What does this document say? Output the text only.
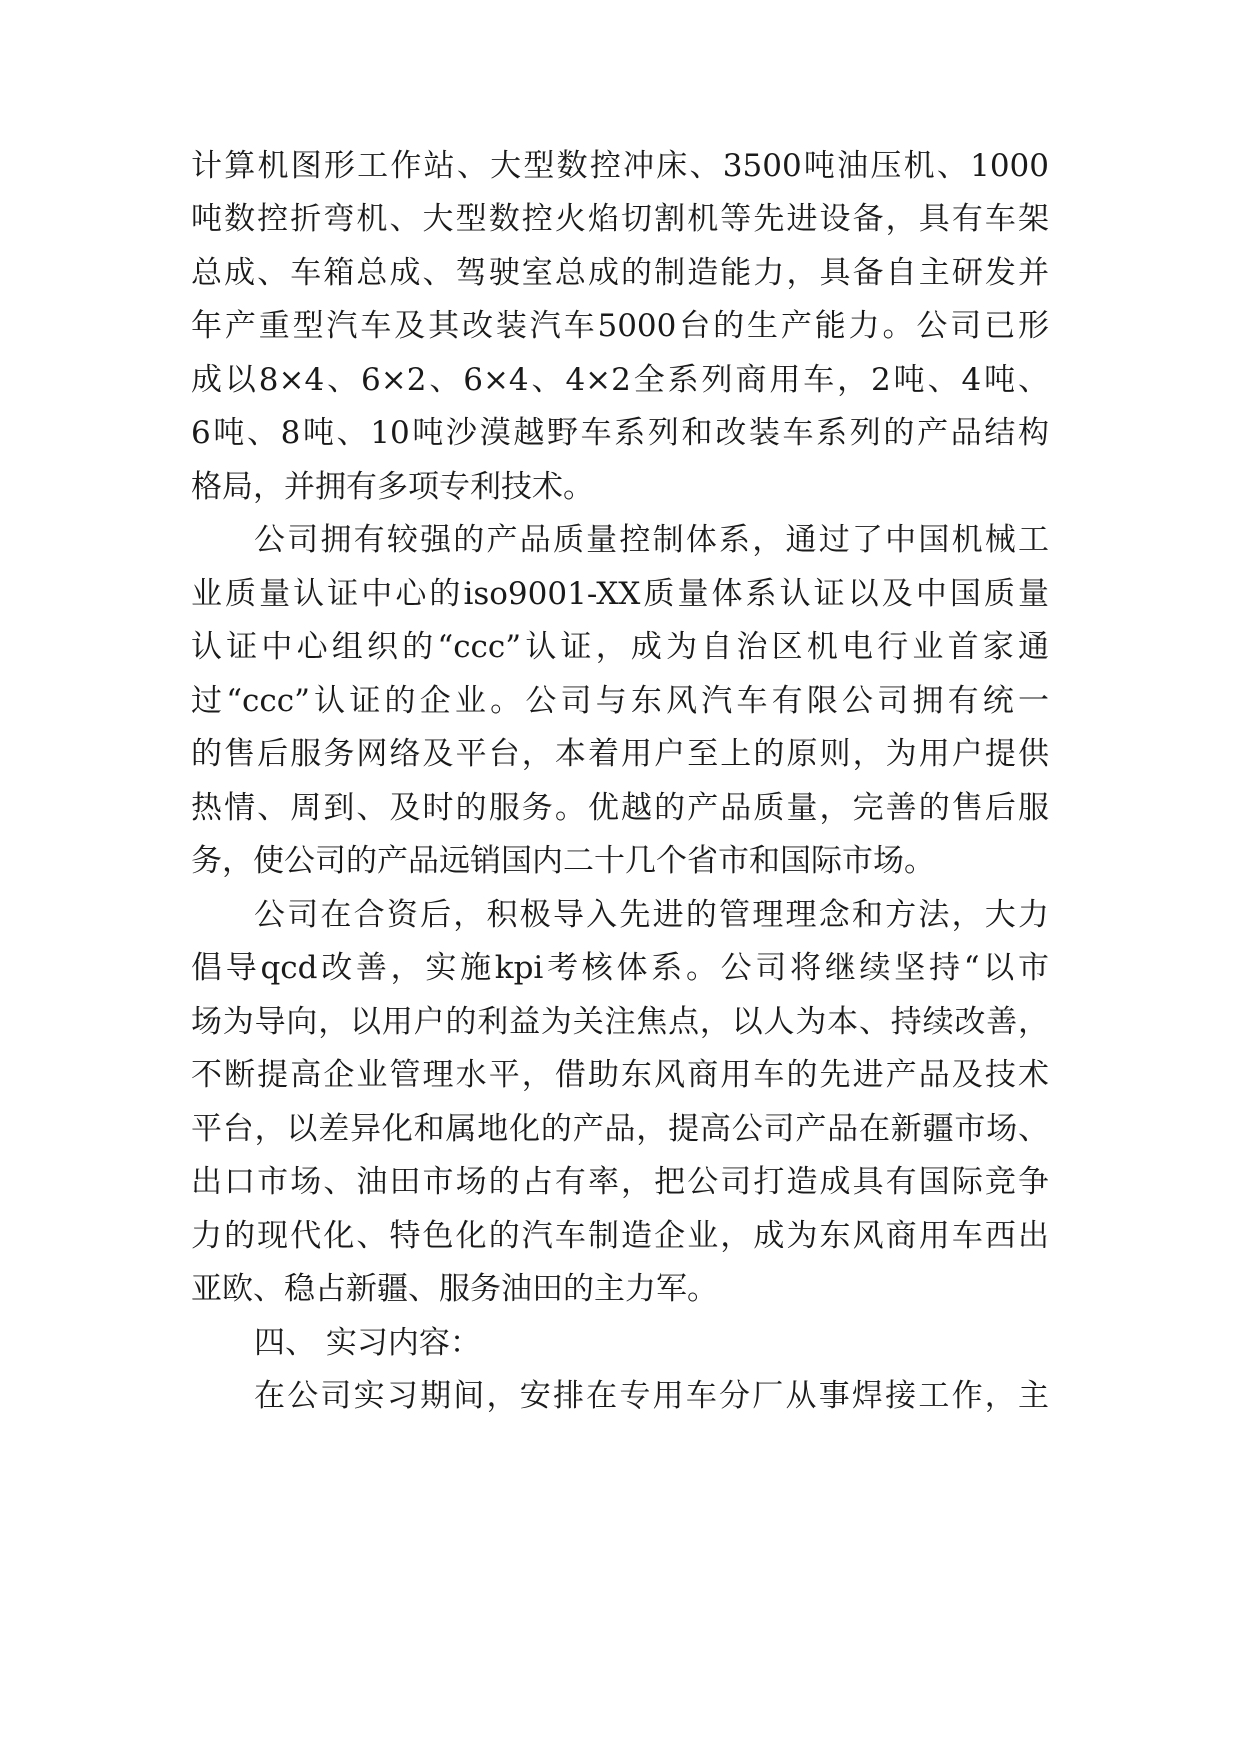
计算机图形工作站、大型数控冲床、3500吨油压机、1000
吨数控折弯机、大型数控火焰切割机等先进设备，具有车架
总成、车箱总成、驾驶室总成的制造能力，具备自主研发并
年产重型汽车及其改装汽车5000台的生产能力。公司已形
成以8×4、6×2、6×4、4×2全系列商用车，2吨、4吨、
6吨、8吨、10吨沙漠越野车系列和改装车系列的产品结构
格局，并拥有多项专利技术。
公司拥有较强的产品质量控制体系，通过了中国机械工
业质量认证中心的iso9001-XX质量体系认证以及中国质量
认证中心组织的“ccc”认证，成为自治区机电行业首家通
过“ccc”认证的企业。公司与东风汽车有限公司拥有统一
的售后服务网络及平台，本着用户至上的原则，为用户提供
热情、周到、及时的服务。优越的产品质量，完善的售后服
务，使公司的产品远销国内二十几个省市和国际市场。
公司在合资后，积极导入先进的管理理念和方法，大力
倡导qcd改善，实施kpi考核体系。公司将继续坚持“以市
场为导向，以用户的利益为关注焦点，以人为本、持续改善，
不断提高企业管理水平，借助东风商用车的先进产品及技术
平台，以差异化和属地化的产品，提高公司产品在新疆市场、
出口市场、油田市场的占有率，把公司打造成具有国际竞争
力的现代化、特色化的汽车制造企业，成为东风商用车西出
亚欧、稳占新疆、服务油田的主力军。
四、 实习内容：
在公司实习期间，安排在专用车分厂从事焊接工作，主
